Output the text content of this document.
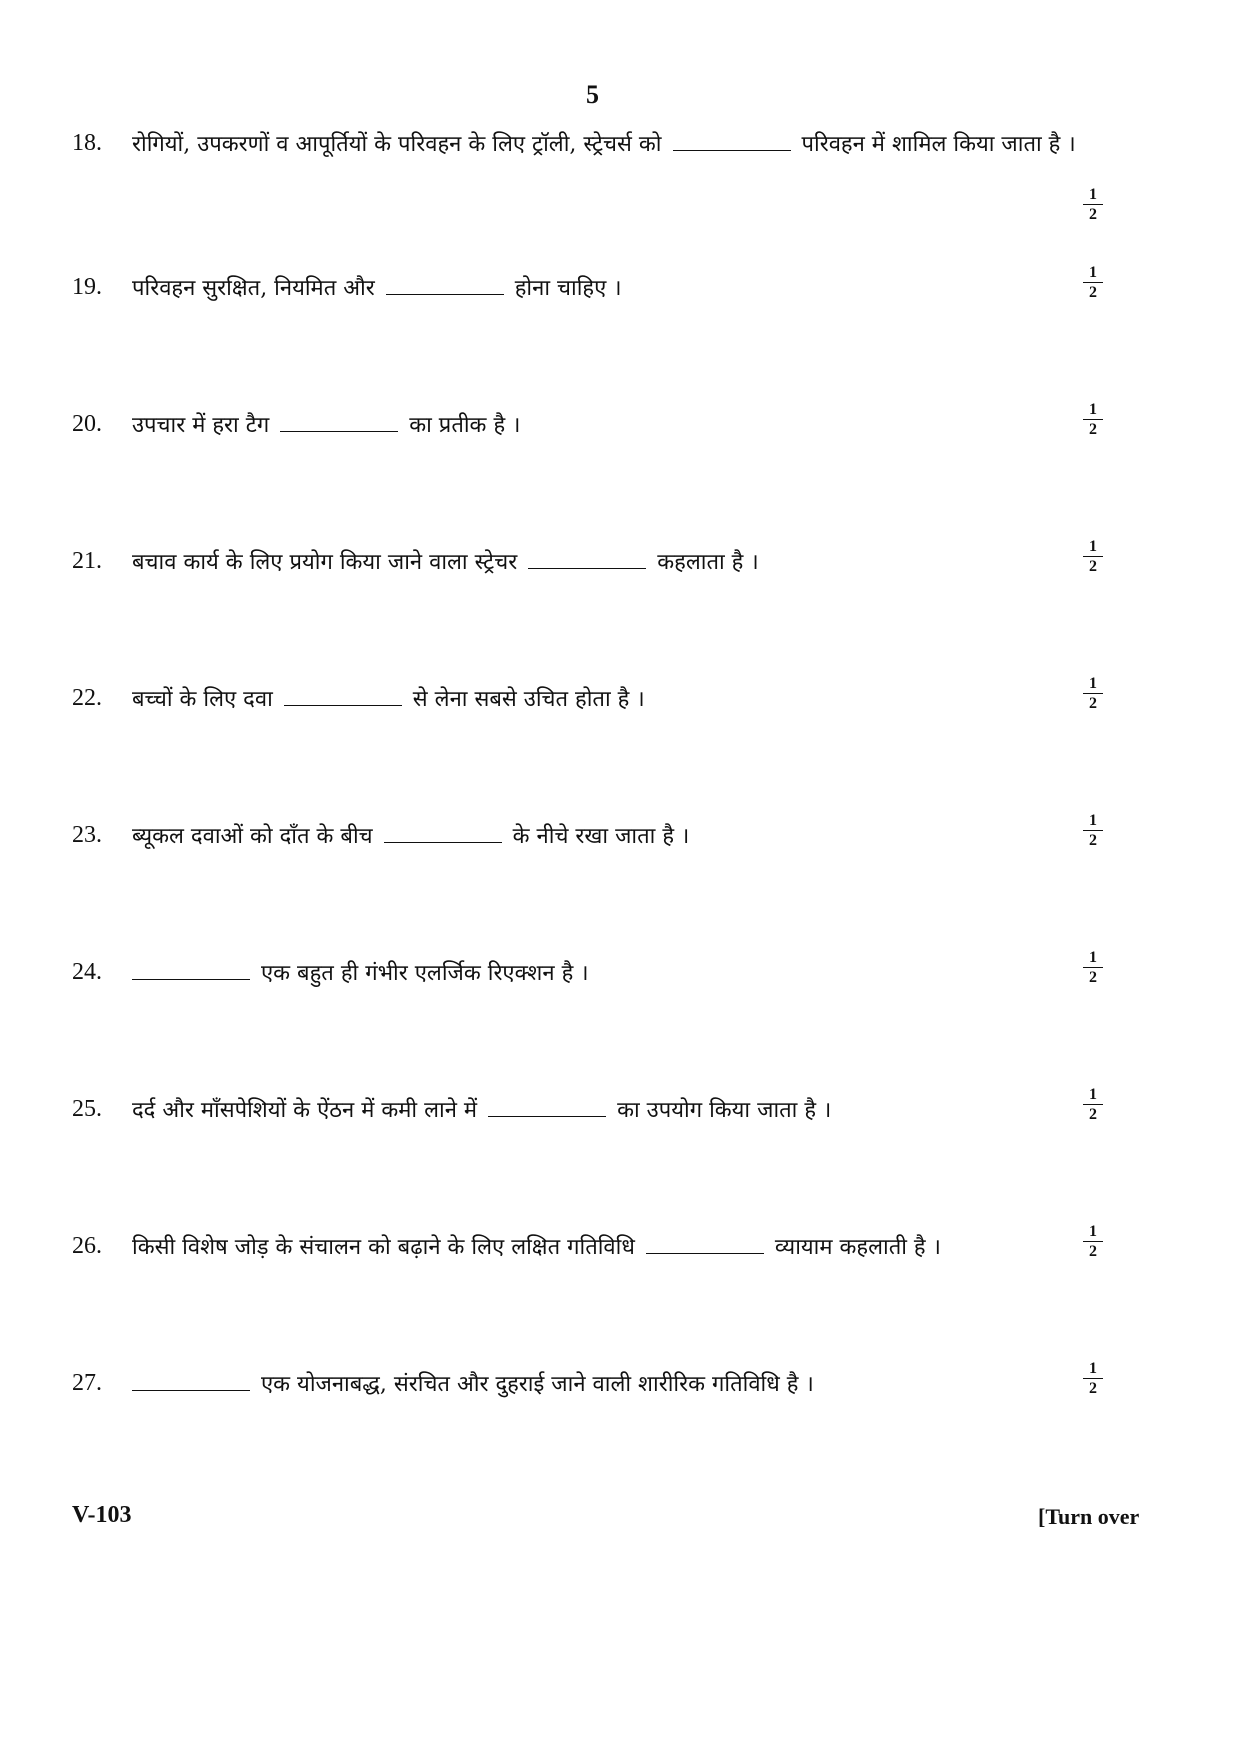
5
18. रोगियों, उपकरणों व आपूर्तियों के परिवहन के लिए ट्रॉली, स्ट्रेचर्स को	परिवहन में शामिल किया जाता है ।
$\frac{1}{2}$
19. परिवहन सुरक्षित, नियमित और	होना चाहिए ।	$\frac{1}{2}$
20. उपचार में हरा टैग	का प्रतीक है ।	$\frac{1}{2}$
21. बचाव कार्य के लिए प्रयोग किया जाने वाला स्ट्रेचर	कहलाता है ।	$\frac{1}{2}$
22. बच्चों के लिए दवा	से लेना सबसे उचित होता है ।	$\frac{1}{2}$
23. ब्यूकल दवाओं को दाँत के बीच	के नीचे रखा जाता है ।	$\frac{1}{2}$
24.	एक बहुत ही गंभीर एलर्जिक रिएक्शन है ।	$\frac{1}{2}$
25. दर्द और माँसपेशियों के ऐंठन में कमी लाने में	का उपयोग किया जाता है ।	$\frac{1}{2}$
26. किसी विशेष जोड़ के संचालन को बढ़ाने के लिए लक्षित गतिविधि	व्यायाम कहलाती है ।	$\frac{1}{2}$
27.	एक योजनाबद्ध, संरचित और दुहराई जाने वाली शारीरिक गतिविधि है ।	$\frac{1}{2}$
V-103	[Turn over
